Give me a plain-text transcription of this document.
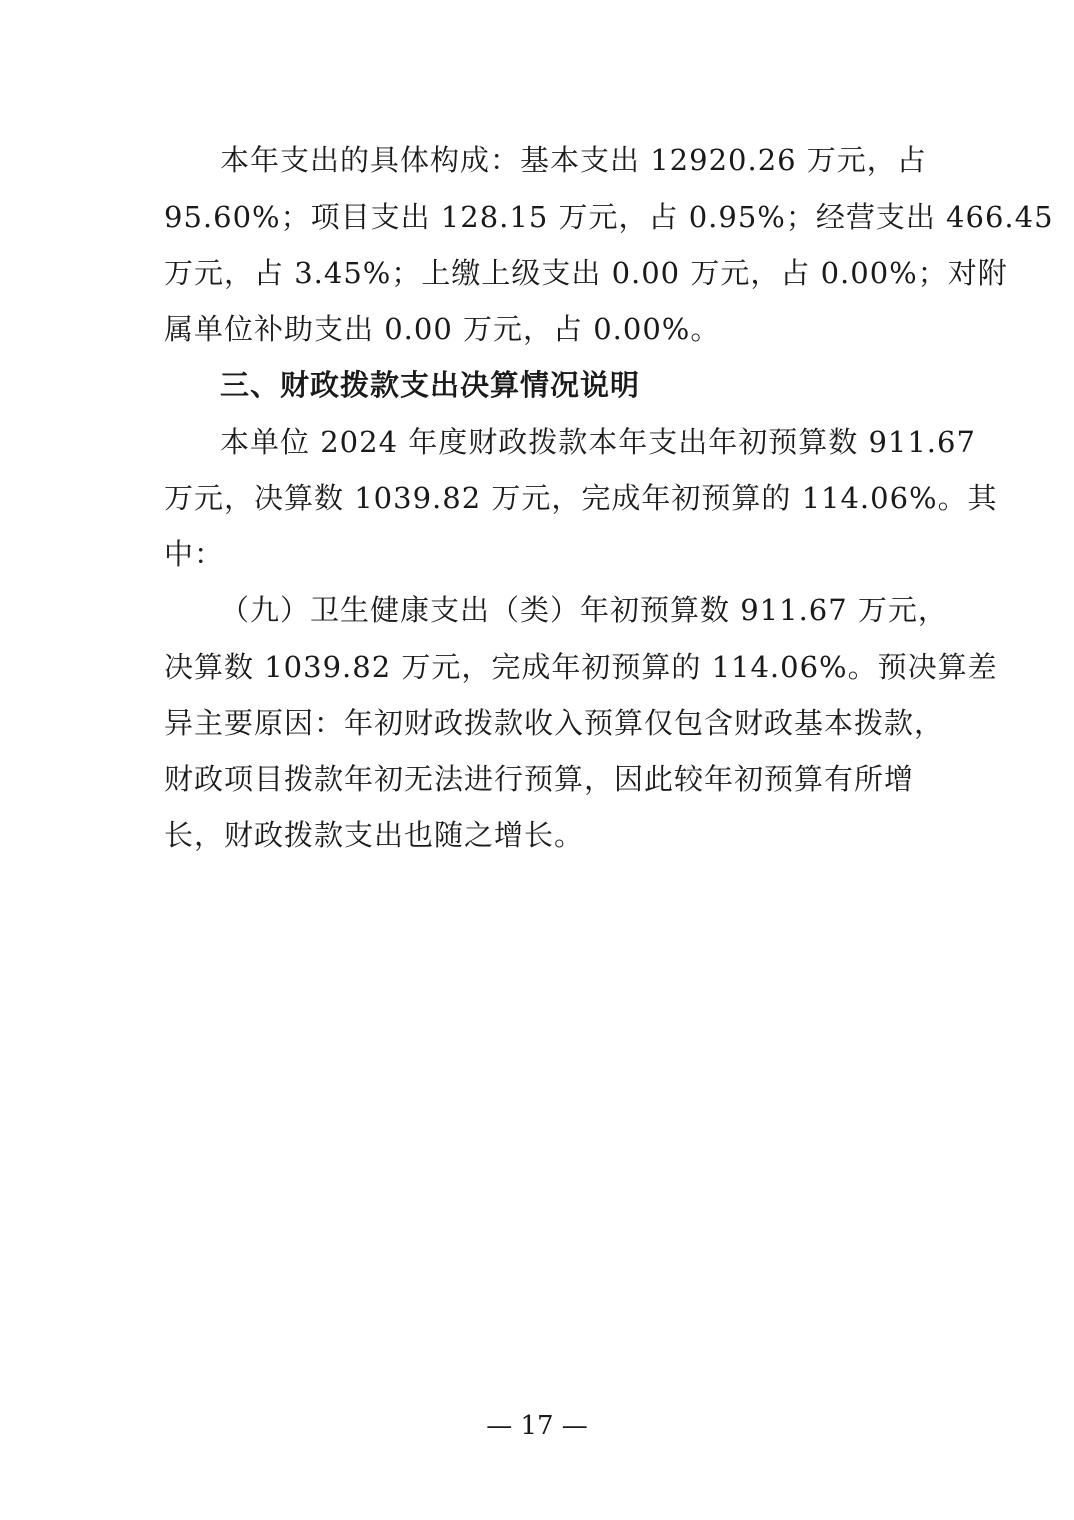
本年支出的具体构成：基本支出 12920.26 万元，占
95.60%；项目支出 128.15 万元，占 0.95%；经营支出 466.45
万元，占 3.45%；上缴上级支出 0.00 万元，占 0.00%；对附
属单位补助支出 0.00 万元，占 0.00%。
三、财政拨款支出决算情况说明
本单位 2024 年度财政拨款本年支出年初预算数 911.67
万元，决算数 1039.82 万元，完成年初预算的 114.06%。其
中：
（九）卫生健康支出（类）年初预算数 911.67 万元，
决算数 1039.82 万元，完成年初预算的 114.06%。预决算差
异主要原因：年初财政拨款收入预算仅包含财政基本拨款，
财政项目拨款年初无法进行预算，因此较年初预算有所增
长，财政拨款支出也随之增长。
— 17 —
